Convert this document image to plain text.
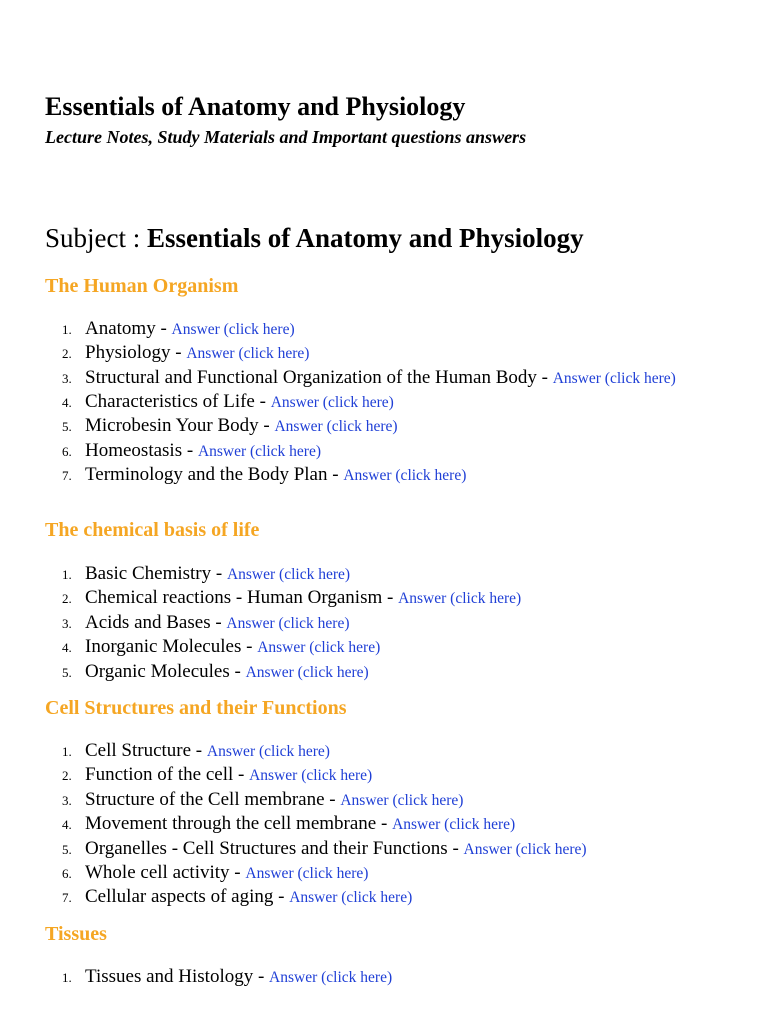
Essentials of Anatomy and Physiology

Lecture Notes, Study Materials and Important questions answers

Subject : Essentials of Anatomy and Physiology
The Human Organism
1. Anatomy - Answer (click here)
2. Physiology - Answer (click here)
3. Structural and Functional Organization of the Human Body - Answer (click here)
4. Characteristics of Life - Answer (click here)
5. Microbesin Your Body - Answer (click here)
6. Homeostasis - Answer (click here)
7. Terminology and the Body Plan - Answer (click here)
The chemical basis of life
1. Basic Chemistry - Answer (click here)
2. Chemical reactions - Human Organism - Answer (click here)
3. Acids and Bases - Answer (click here)
4. Inorganic Molecules - Answer (click here)
5. Organic Molecules - Answer (click here)
Cell Structures and their Functions
1. Cell Structure - Answer (click here)
2. Function of the cell - Answer (click here)
3. Structure of the Cell membrane - Answer (click here)
4. Movement through the cell membrane - Answer (click here)
5. Organelles - Cell Structures and their Functions - Answer (click here)
6. Whole cell activity - Answer (click here)
7. Cellular aspects of aging - Answer (click here)
Tissues
1. Tissues and Histology - Answer (click here)
